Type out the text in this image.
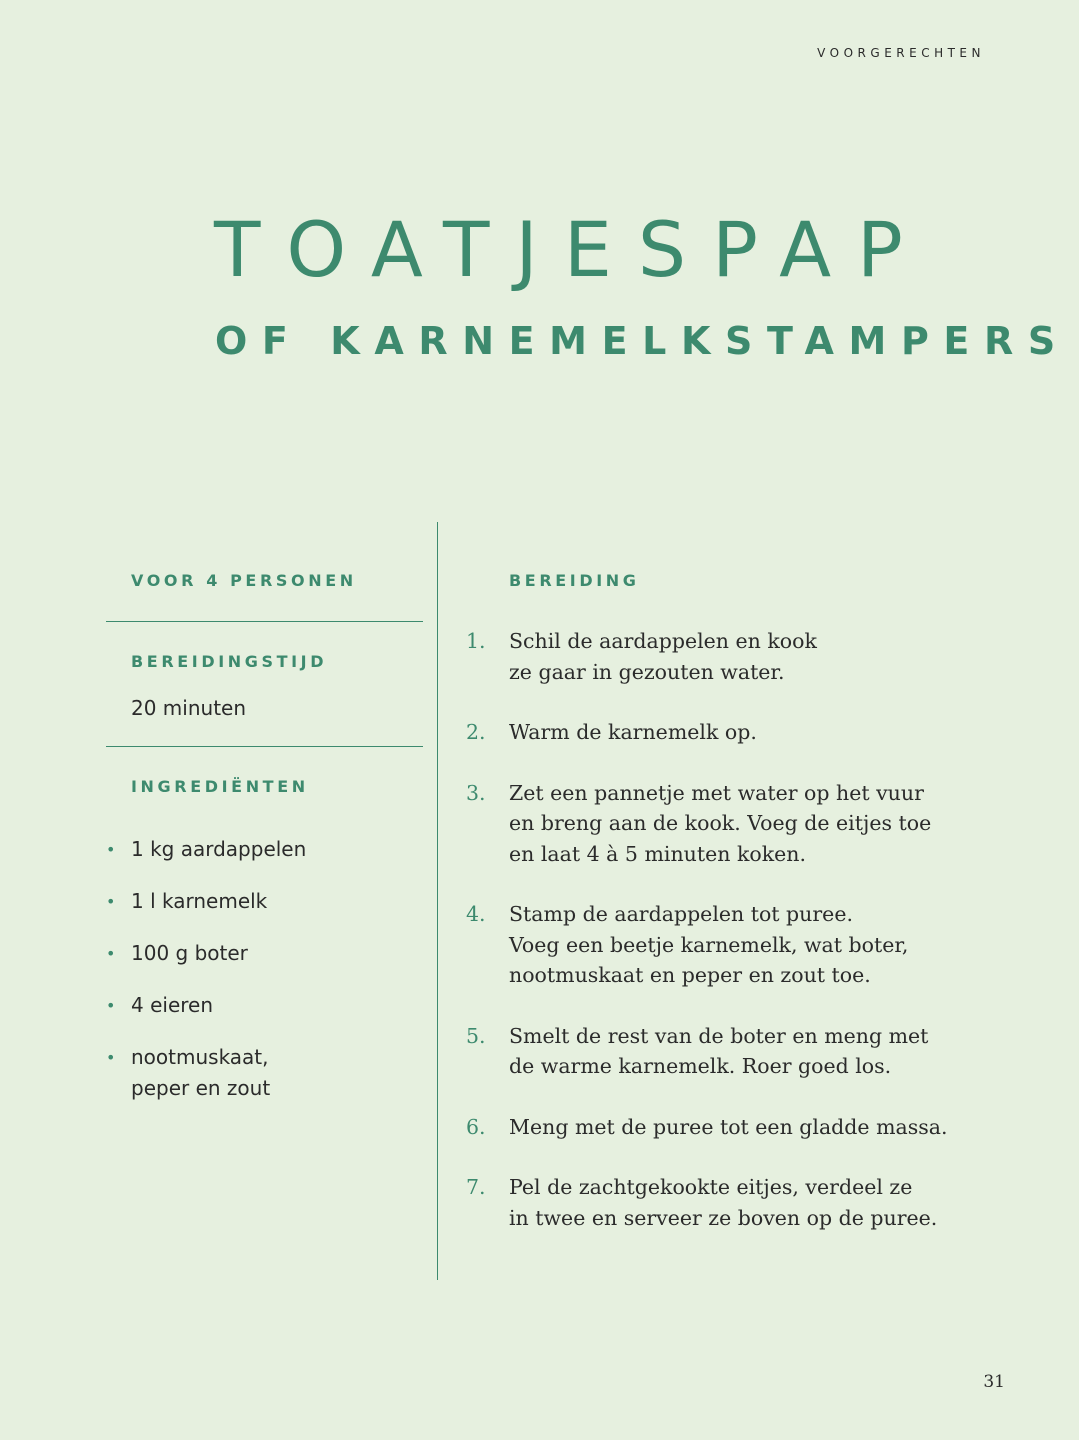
VOORGERECHTEN
TOATJESPAP
OF KARNEMELKSTAMPERS
VOOR 4 PERSONEN
BEREIDINGSTIJD
20 minuten
INGREDIËNTEN
• 1 kg aardappelen
• 1 l karnemelk
• 100 g boter
• 4 eieren
• nootmuskaat,
peper en zout
BEREIDING
1. Schil de aardappelen en kook
ze gaar in gezouten water.
2. Warm de karnemelk op.
3. Zet een pannetje met water op het vuur
en breng aan de kook. Voeg de eitjes toe
en laat 4 à 5 minuten koken.
4. Stamp de aardappelen tot puree.
Voeg een beetje karnemelk, wat boter,
nootmuskaat en peper en zout toe.
5. Smelt de rest van de boter en meng met
de warme karnemelk. Roer goed los.
6. Meng met de puree tot een gladde massa.
7. Pel de zachtgekookte eitjes, verdeel ze
in twee en serveer ze boven op de puree.
31
